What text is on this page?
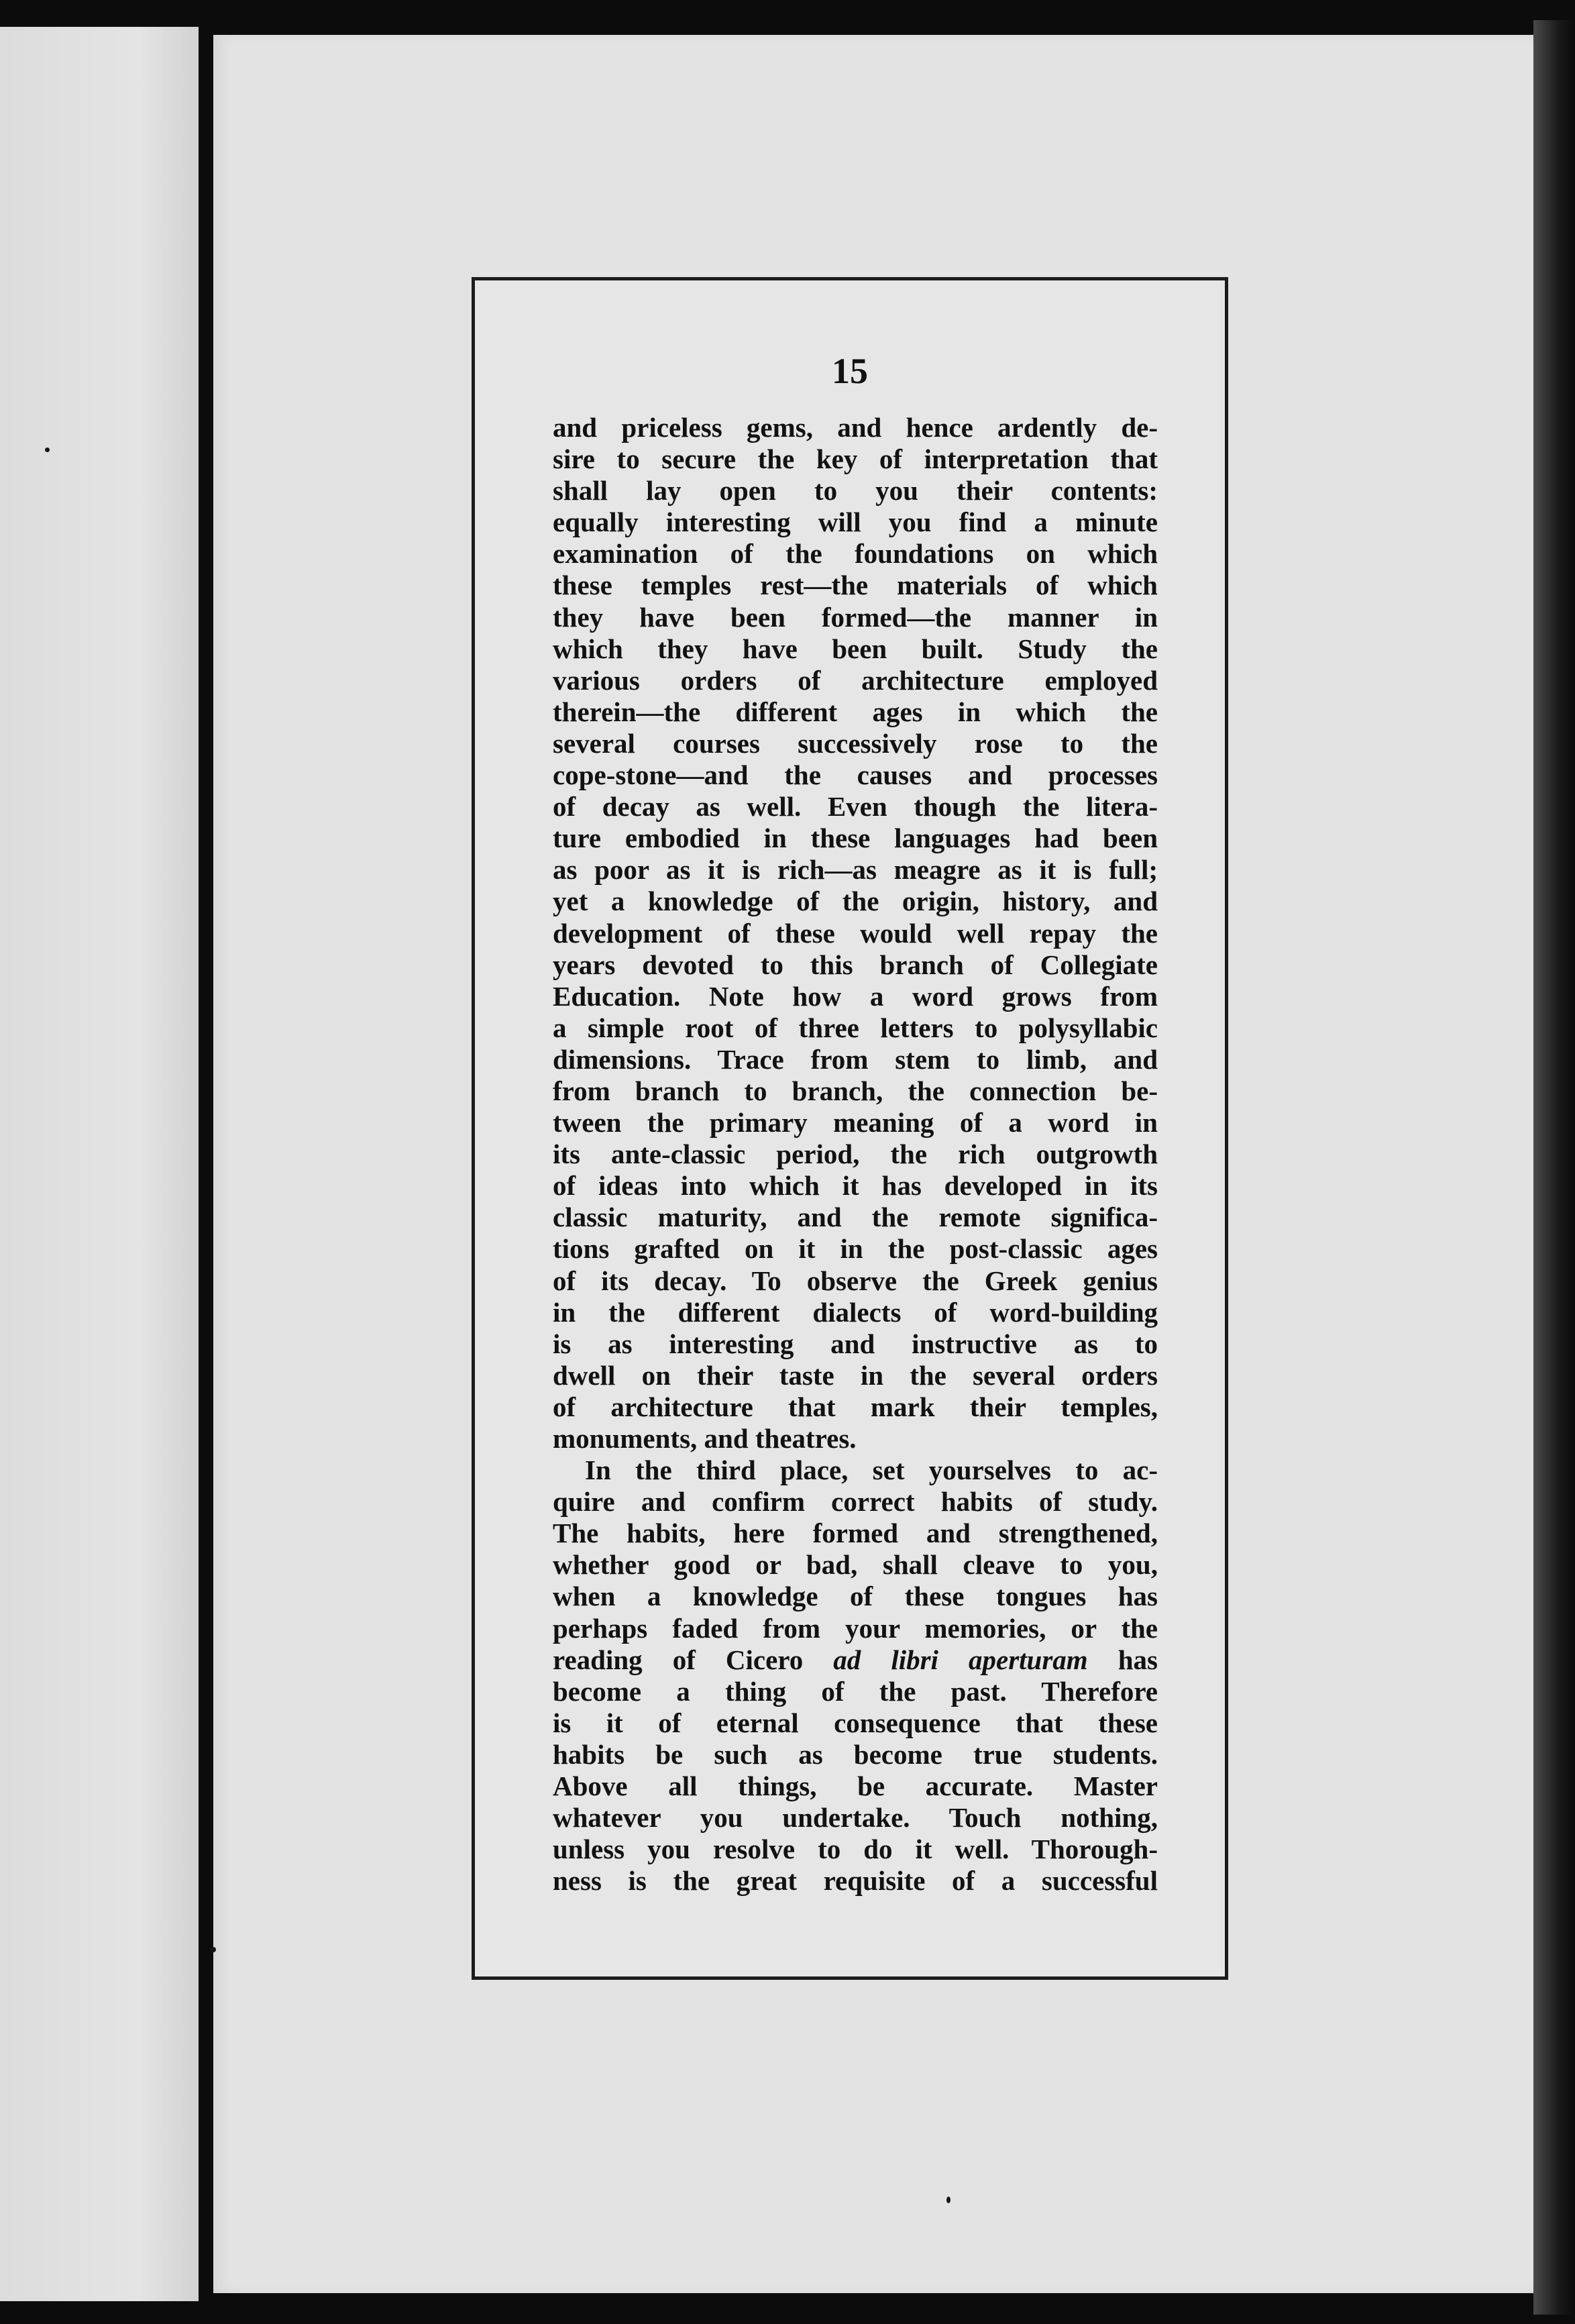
15
and priceless gems, and hence ardently de-
sire to secure the key of interpretation that
shall lay open to you their contents:
equally interesting will you find a minute
examination of the foundations on which
these temples rest—the materials of which
they have been formed—the manner in
which they have been built. Study the
various orders of architecture employed
therein—the different ages in which the
several courses successively rose to the
cope-stone—and the causes and processes
of decay as well. Even though the litera-
ture embodied in these languages had been
as poor as it is rich—as meagre as it is full;
yet a knowledge of the origin, history, and
development of these would well repay the
years devoted to this branch of Collegiate
Education. Note how a word grows from
a simple root of three letters to polysyllabic
dimensions. Trace from stem to limb, and
from branch to branch, the connection be-
tween the primary meaning of a word in
its ante-classic period, the rich outgrowth
of ideas into which it has developed in its
classic maturity, and the remote significa-
tions grafted on it in the post-classic ages
of its decay. To observe the Greek genius
in the different dialects of word-building
is as interesting and instructive as to
dwell on their taste in the several orders
of architecture that mark their temples,
monuments, and theatres.
In the third place, set yourselves to ac-
quire and confirm correct habits of study.
The habits, here formed and strengthened,
whether good or bad, shall cleave to you,
when a knowledge of these tongues has
perhaps faded from your memories, or the
reading of Cicero ad libri aperturam has
become a thing of the past. Therefore
is it of eternal consequence that these
habits be such as become true students.
Above all things, be accurate. Master
whatever you undertake. Touch nothing,
unless you resolve to do it well. Thorough-
ness is the great requisite of a successful
